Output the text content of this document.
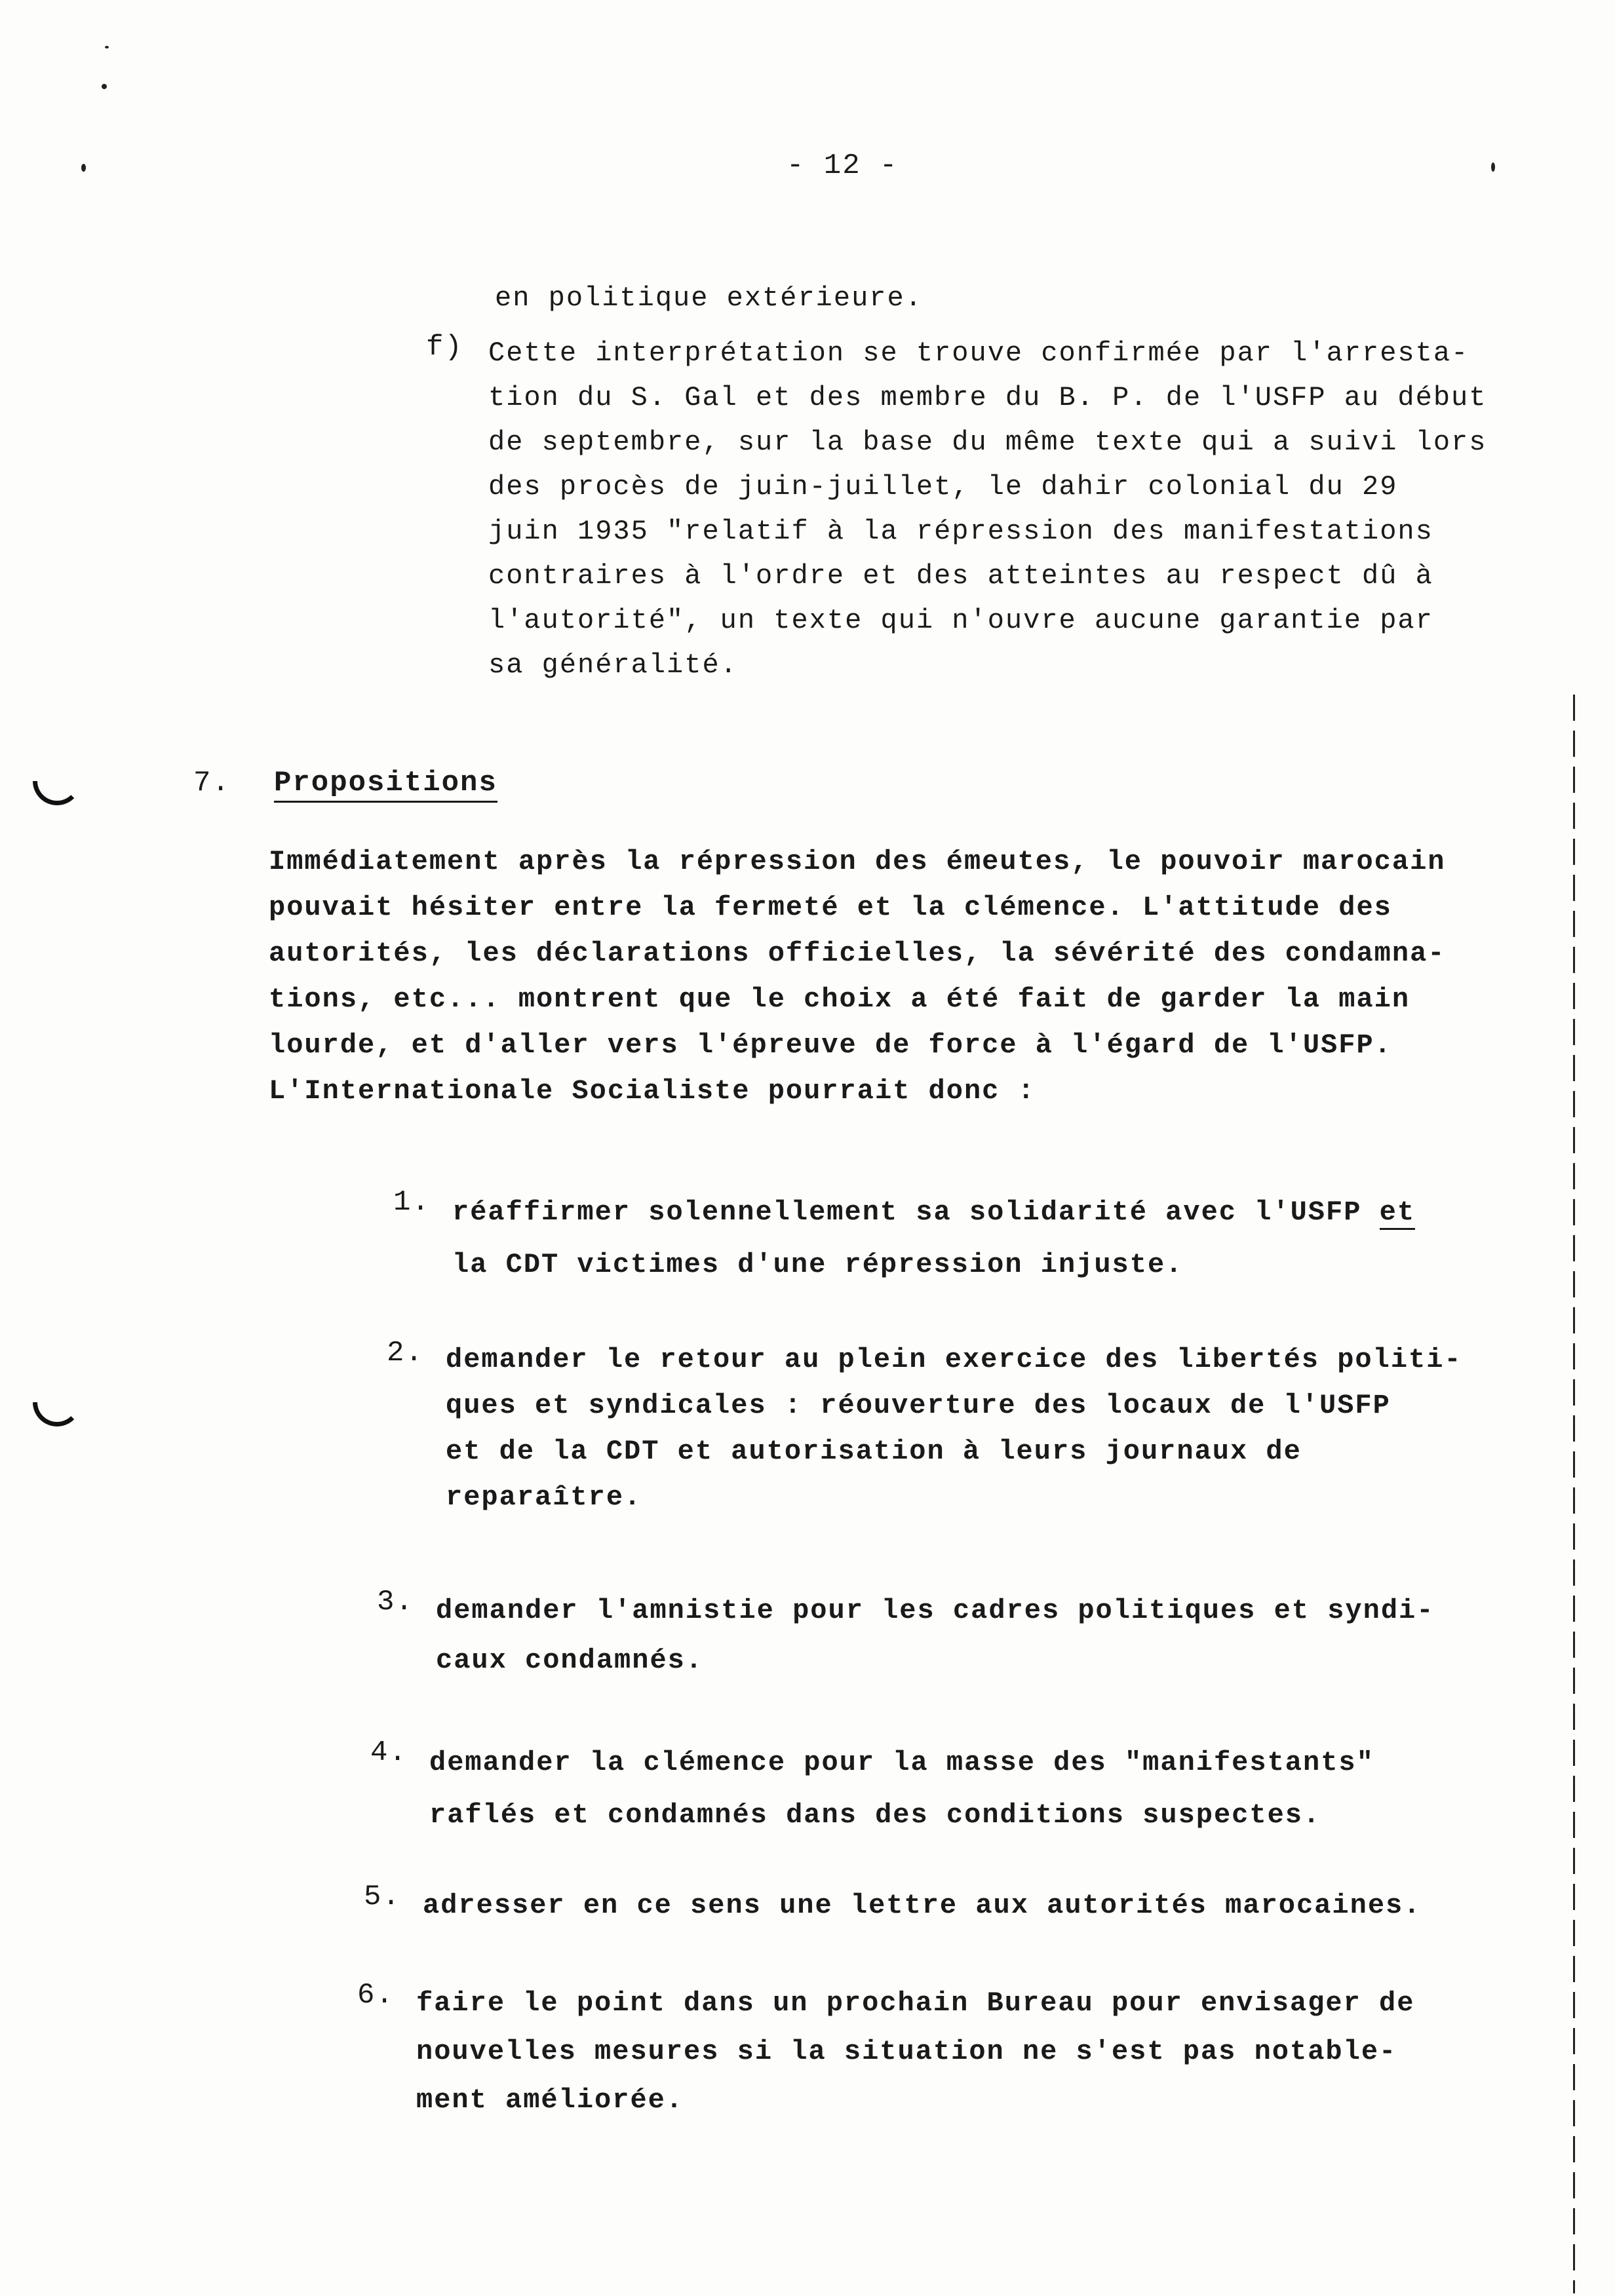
- 12 -
en politique extérieure.
f) Cette interprétation se trouve confirmée par l'arresta-
tion du S. Gal et des membre du B. P. de l'USFP au début
de septembre, sur la base du même texte qui a suivi lors
des procès de juin-juillet, le dahir colonial du 29
juin 1935 "relatif à la répression des manifestations
contraires à l'ordre et des atteintes au respect dû à
l'autorité", un texte qui n'ouvre aucune garantie par
sa généralité.
7. Propositions
Immédiatement après la répression des émeutes, le pouvoir marocain
pouvait hésiter entre la fermeté et la clémence. L'attitude des
autorités, les déclarations officielles, la sévérité des condamna-
tions, etc... montrent que le choix a été fait de garder la main
lourde, et d'aller vers l'épreuve de force à l'égard de l'USFP.
L'Internationale Socialiste pourrait donc :
1. réaffirmer solennellement sa solidarité avec l'USFP et
la CDT victimes d'une répression injuste.
2. demander le retour au plein exercice des libertés politi-
ques et syndicales : réouverture des locaux de l'USFP
et de la CDT et autorisation à leurs journaux de
reparaître.
3. demander l'amnistie pour les cadres politiques et syndi-
caux condamnés.
4. demander la clémence pour la masse des "manifestants"
raflés et condamnés dans des conditions suspectes.
5. adresser en ce sens une lettre aux autorités marocaines.
6. faire le point dans un prochain Bureau pour envisager de
nouvelles mesures si la situation ne s'est pas notable-
ment améliorée.
